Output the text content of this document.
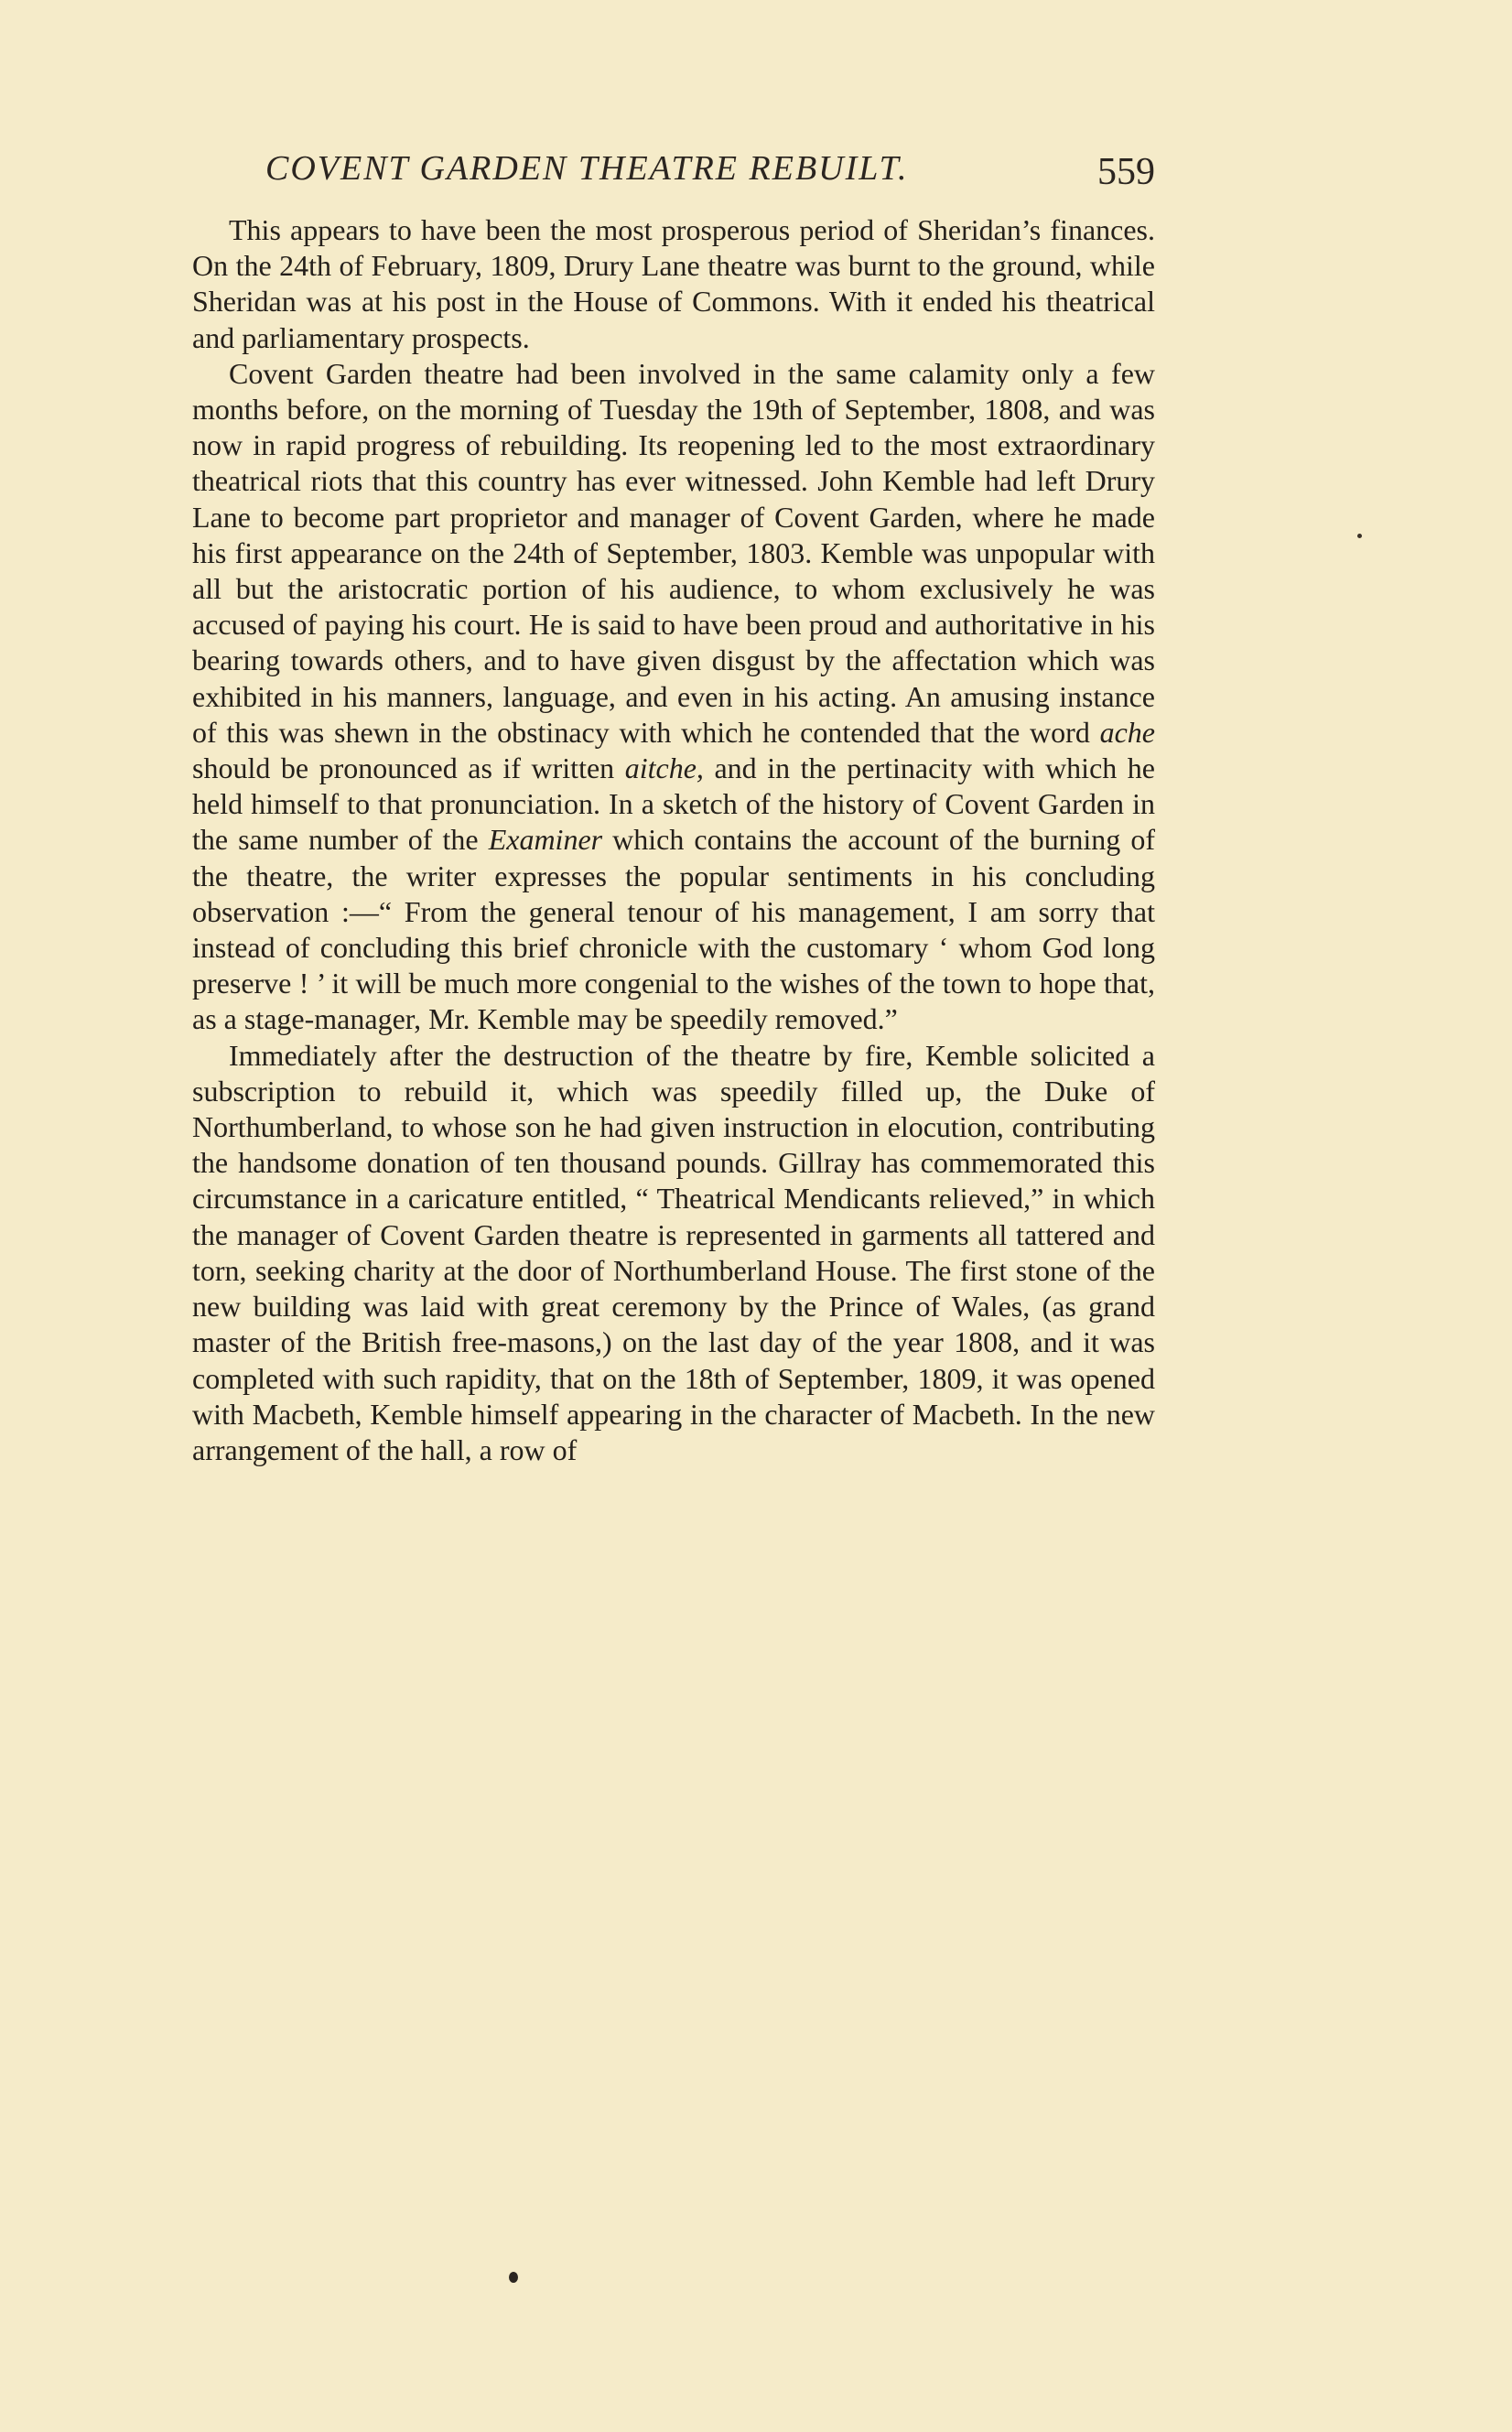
COVENT GARDEN THEATRE REBUILT.	559

This appears to have been the most prosperous period of Sheridan’s finances. On the 24th of February, 1809, Drury Lane theatre was burnt to the ground, while Sheridan was at his post in the House of Commons. With it ended his theatrical and parliamentary prospects.

Covent Garden theatre had been involved in the same calamity only a few months before, on the morning of Tuesday the 19th of September, 1808, and was now in rapid progress of rebuilding. Its reopening led to the most extraordinary theatrical riots that this country has ever witnessed. John Kemble had left Drury Lane to become part proprietor and manager of Covent Garden, where he made his first appearance on the 24th of September, 1803. Kemble was unpopular with all but the aristocratic portion of his audience, to whom exclusively he was accused of paying his court. He is said to have been proud and authoritative in his bearing towards others, and to have given disgust by the affectation which was exhibited in his manners, language, and even in his acting. An amusing instance of this was shewn in the obstinacy with which he contended that the word ache should be pronounced as if written aitche, and in the pertinacity with which he held himself to that pronunciation. In a sketch of the history of Covent Garden in the same number of the Examiner which contains the account of the burning of the theatre, the writer expresses the popular sentiments in his concluding observation :—“ From the general tenour of his management, I am sorry that instead of concluding this brief chronicle with the customary ‘ whom God long preserve ! ’ it will be much more congenial to the wishes of the town to hope that, as a stage-manager, Mr. Kemble may be speedily removed.”

Immediately after the destruction of the theatre by fire, Kemble solicited a subscription to rebuild it, which was speedily filled up, the Duke of Northumberland, to whose son he had given instruction in elocution, contributing the handsome donation of ten thousand pounds. Gillray has commemorated this circumstance in a caricature entitled, “ Theatrical Mendicants relieved,” in which the manager of Covent Garden theatre is represented in garments all tattered and torn, seeking charity at the door of Northumberland House. The first stone of the new building was laid with great ceremony by the Prince of Wales, (as grand master of the British free-masons,) on the last day of the year 1808, and it was completed with such rapidity, that on the 18th of September, 1809, it was opened with Macbeth, Kemble himself appearing in the character of Macbeth. In the new arrangement of the hall, a row of
